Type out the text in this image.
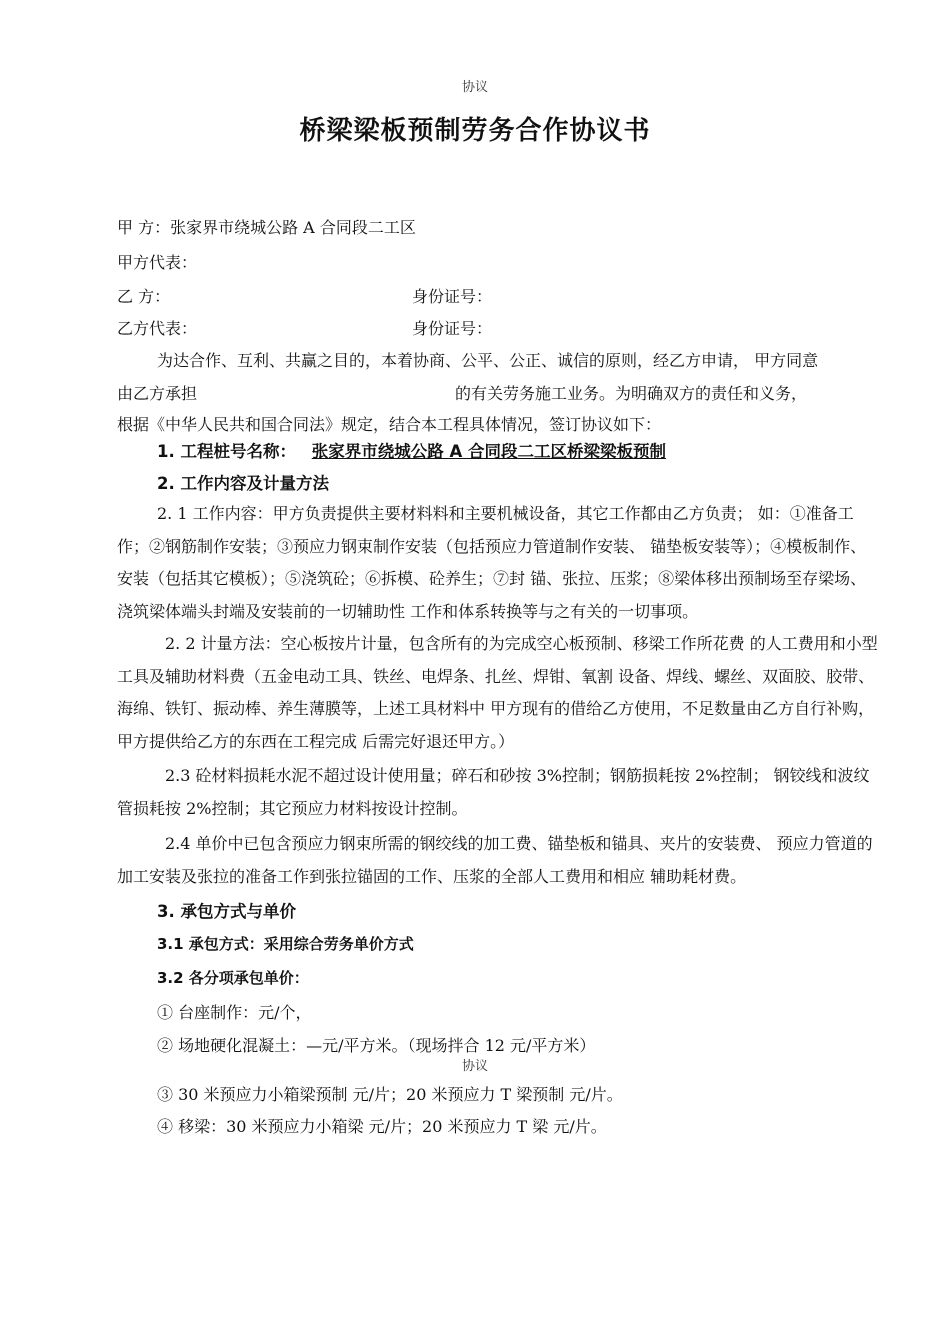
协议
桥梁梁板预制劳务合作协议书
甲 方：张家界市绕城公路 A 合同段二工区
甲方代表：
乙 方：	身份证号：
乙方代表：	身份证号：
为达合作、互利、共赢之目的，本着协商、公平、公正、诚信的原则，经乙方申请， 甲方同意
由乙方承担	的有关劳务施工业务。为明确双方的责任和义务，
根据《中华人民共和国合同法》规定，结合本工程具体情况，签订协议如下：
1. 工程桩号名称： 张家界市绕城公路 A 合同段二工区桥梁梁板预制
2. 工作内容及计量方法
2. 1 工作内容：甲方负责提供主要材料料和主要机械设备，其它工作都由乙方负责； 如：①准备工作；②钢筋制作安装；③预应力钢束制作安装（包括预应力管道制作安装、 锚垫板安装等）；④模板制作、安装（包括其它模板）；⑤浇筑砼；⑥拆模、砼养生；⑦封 锚、张拉、压浆；⑧梁体移出预制场至存梁场、浇筑梁体端头封端及安装前的一切辅助性 工作和体系转换等与之有关的一切事项。
2. 2 计量方法：空心板按片计量，包含所有的为完成空心板预制、移梁工作所花费 的人工费用和小型工具及辅助材料费（五金电动工具、铁丝、电焊条、扎丝、焊钳、氧割 设备、焊线、螺丝、双面胶、胶带、海绵、铁钉、振动棒、养生薄膜等，上述工具材料中 甲方现有的借给乙方使用，不足数量由乙方自行补购，甲方提供给乙方的东西在工程完成 后需完好退还甲方。）
2.3 砼材料损耗水泥不超过设计使用量；碎石和砂按 3%控制；钢筋损耗按 2%控制； 钢铰线和波纹管损耗按 2%控制；其它预应力材料按设计控制。
2.4 单价中已包含预应力钢束所需的钢绞线的加工费、锚垫板和锚具、夹片的安装费、 预应力管道的加工安装及张拉的准备工作到张拉锚固的工作、压浆的全部人工费用和相应 辅助耗材费。
3. 承包方式与单价
3.1 承包方式：采用综合劳务单价方式
3.2 各分项承包单价：
① 台座制作：元/个，
② 场地硬化混凝土：—元/平方米。（现场拌合 12 元/平方米）
协议
③ 30 米预应力小箱梁预制 元/片；20 米预应力 T 梁预制 元/片。
④ 移梁：30 米预应力小箱梁 元/片；20 米预应力 T 梁 元/片。
